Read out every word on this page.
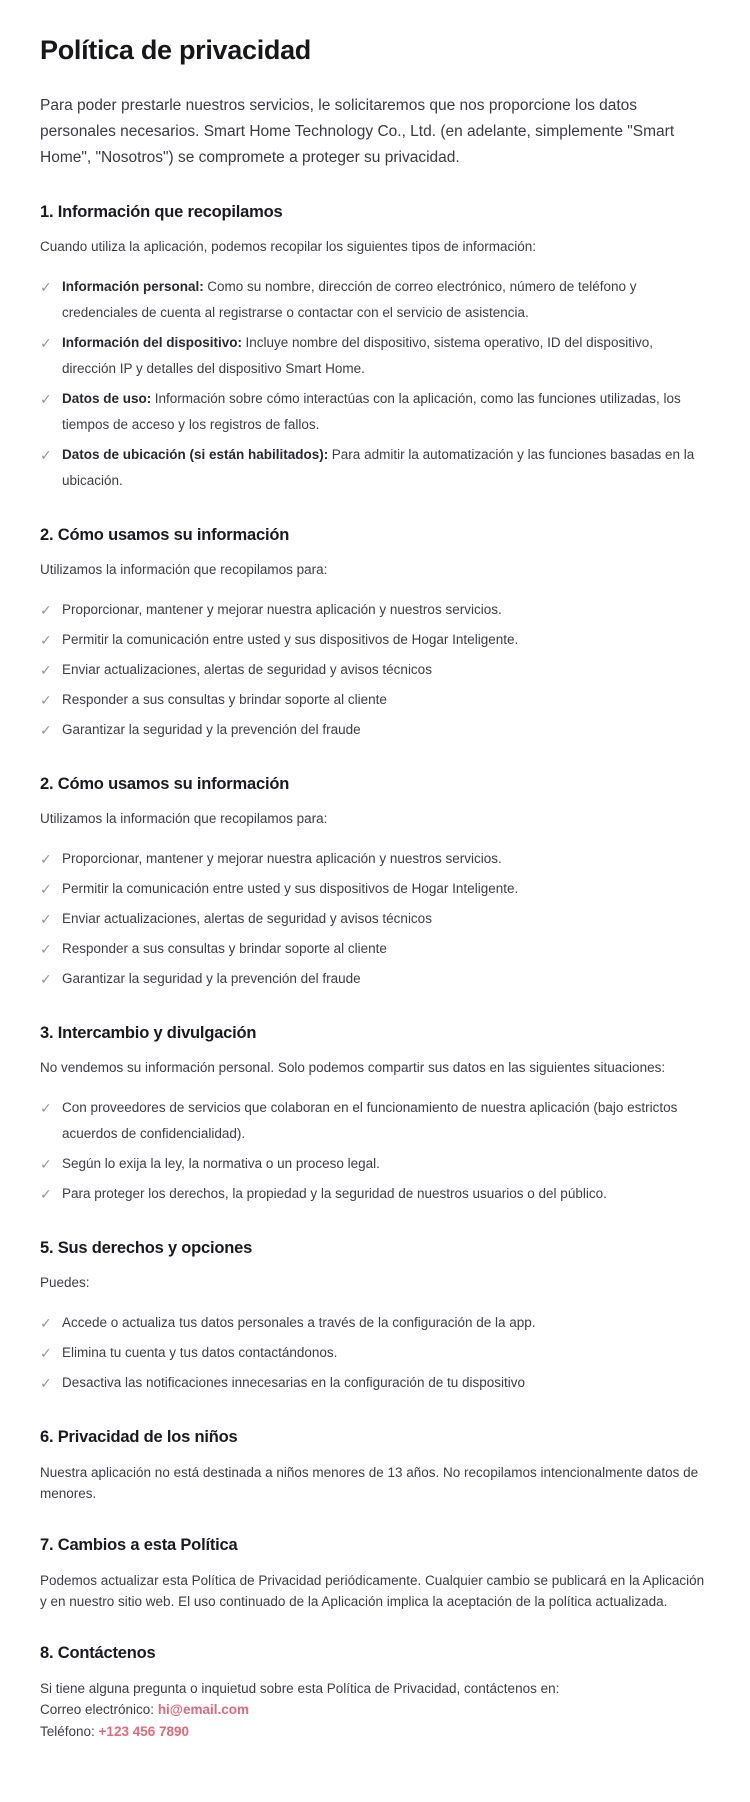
Política de privacidad

Para poder prestarle nuestros servicios, le solicitaremos que nos proporcione los datos personales necesarios. Smart Home Technology Co., Ltd. (en adelante, simplemente "Smart Home", "Nosotros") se compromete a proteger su privacidad.

1. Información que recopilamos

Cuando utiliza la aplicación, podemos recopilar los siguientes tipos de información:

✓ Información personal: Como su nombre, dirección de correo electrónico, número de teléfono y credenciales de cuenta al registrarse o contactar con el servicio de asistencia.
✓ Información del dispositivo: Incluye nombre del dispositivo, sistema operativo, ID del dispositivo, dirección IP y detalles del dispositivo Smart Home.
✓ Datos de uso: Información sobre cómo interactúas con la aplicación, como las funciones utilizadas, los tiempos de acceso y los registros de fallos.
✓ Datos de ubicación (si están habilitados): Para admitir la automatización y las funciones basadas en la ubicación.
2. Cómo usamos su información

Utilizamos la información que recopilamos para:

✓ Proporcionar, mantener y mejorar nuestra aplicación y nuestros servicios.
✓ Permitir la comunicación entre usted y sus dispositivos de Hogar Inteligente.
✓ Enviar actualizaciones, alertas de seguridad y avisos técnicos
✓ Responder a sus consultas y brindar soporte al cliente
✓ Garantizar la seguridad y la prevención del fraude
2. Cómo usamos su información

Utilizamos la información que recopilamos para:

✓ Proporcionar, mantener y mejorar nuestra aplicación y nuestros servicios.
✓ Permitir la comunicación entre usted y sus dispositivos de Hogar Inteligente.
✓ Enviar actualizaciones, alertas de seguridad y avisos técnicos
✓ Responder a sus consultas y brindar soporte al cliente
✓ Garantizar la seguridad y la prevención del fraude
3. Intercambio y divulgación

No vendemos su información personal. Solo podemos compartir sus datos en las siguientes situaciones:

✓ Con proveedores de servicios que colaboran en el funcionamiento de nuestra aplicación (bajo estrictos acuerdos de confidencialidad).
✓ Según lo exija la ley, la normativa o un proceso legal.
✓ Para proteger los derechos, la propiedad y la seguridad de nuestros usuarios o del público.
5. Sus derechos y opciones

Puedes:

✓ Accede o actualiza tus datos personales a través de la configuración de la app.
✓ Elimina tu cuenta y tus datos contactándonos.
✓ Desactiva las notificaciones innecesarias en la configuración de tu dispositivo
6. Privacidad de los niños

Nuestra aplicación no está destinada a niños menores de 13 años. No recopilamos intencionalmente datos de menores.

7. Cambios a esta Política

Podemos actualizar esta Política de Privacidad periódicamente. Cualquier cambio se publicará en la Aplicación y en nuestro sitio web. El uso continuado de la Aplicación implica la aceptación de la política actualizada.

8. Contáctenos

Si tiene alguna pregunta o inquietud sobre esta Política de Privacidad, contáctenos en:

Correo electrónico: hi@email.com

Teléfono: +123 456 7890
